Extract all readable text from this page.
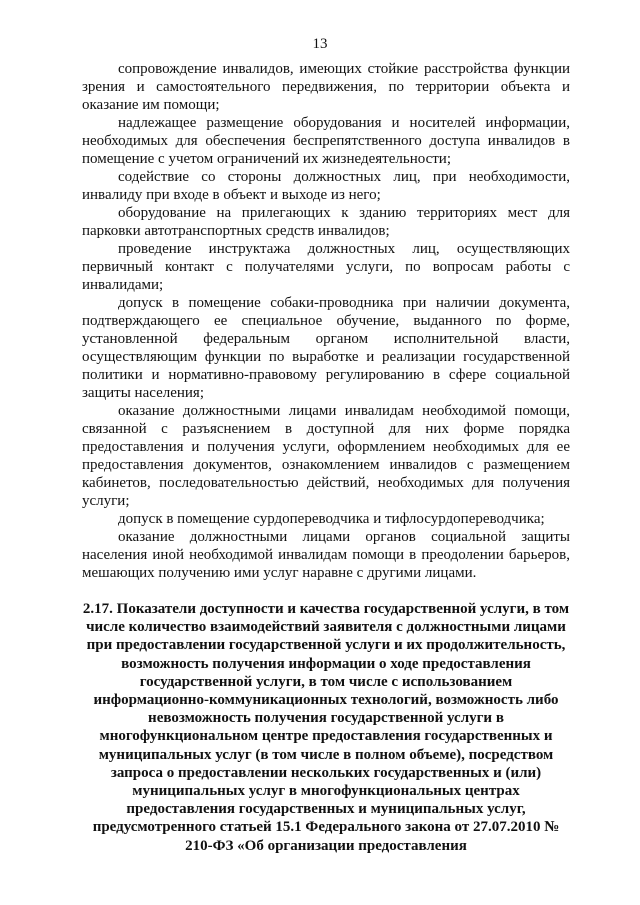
13

сопровождение инвалидов, имеющих стойкие расстройства функции зрения и самостоятельного передвижения, по территории объекта и оказание им помощи;

надлежащее размещение оборудования и носителей информации, необходимых для обеспечения беспрепятственного доступа инвалидов в помещение с учетом ограничений их жизнедеятельности;

содействие со стороны должностных лиц, при необходимости, инвалиду при входе в объект и выходе из него;

оборудование на прилегающих к зданию территориях мест для парковки автотранспортных средств инвалидов;

проведение инструктажа должностных лиц, осуществляющих первичный контакт с получателями услуги, по вопросам работы с инвалидами;

допуск в помещение собаки-проводника при наличии документа, подтверждающего ее специальное обучение, выданного по форме, установленной федеральным органом исполнительной власти, осуществляющим функции по выработке и реализации государственной политики и нормативно-правовому регулированию в сфере социальной защиты населения;

оказание должностными лицами инвалидам необходимой помощи, связанной с разъяснением в доступной для них форме порядка предоставления и получения услуги, оформлением необходимых для ее предоставления документов, ознакомлением инвалидов с размещением кабинетов, последовательностью действий, необходимых для получения услуги;

допуск в помещение сурдопереводчика и тифлосурдопереводчика;

оказание должностными лицами органов социальной защиты населения иной необходимой инвалидам помощи в преодолении барьеров, мешающих получению ими услуг наравне с другими лицами.

2.17. Показатели доступности и качества государственной услуги, в том числе количество взаимодействий заявителя с должностными лицами при предоставлении государственной услуги и их продолжительность, возможность получения информации о ходе предоставления государственной услуги, в том числе с использованием информационно-коммуникационных технологий, возможность либо невозможность получения государственной услуги в многофункциональном центре предоставления государственных и муниципальных услуг (в том числе в полном объеме), посредством запроса о предоставлении нескольких государственных и (или) муниципальных услуг в многофункциональных центрах предоставления государственных и муниципальных услуг, предусмотренного статьей 15.1 Федерального закона от 27.07.2010 № 210-ФЗ «Об организации предоставления
